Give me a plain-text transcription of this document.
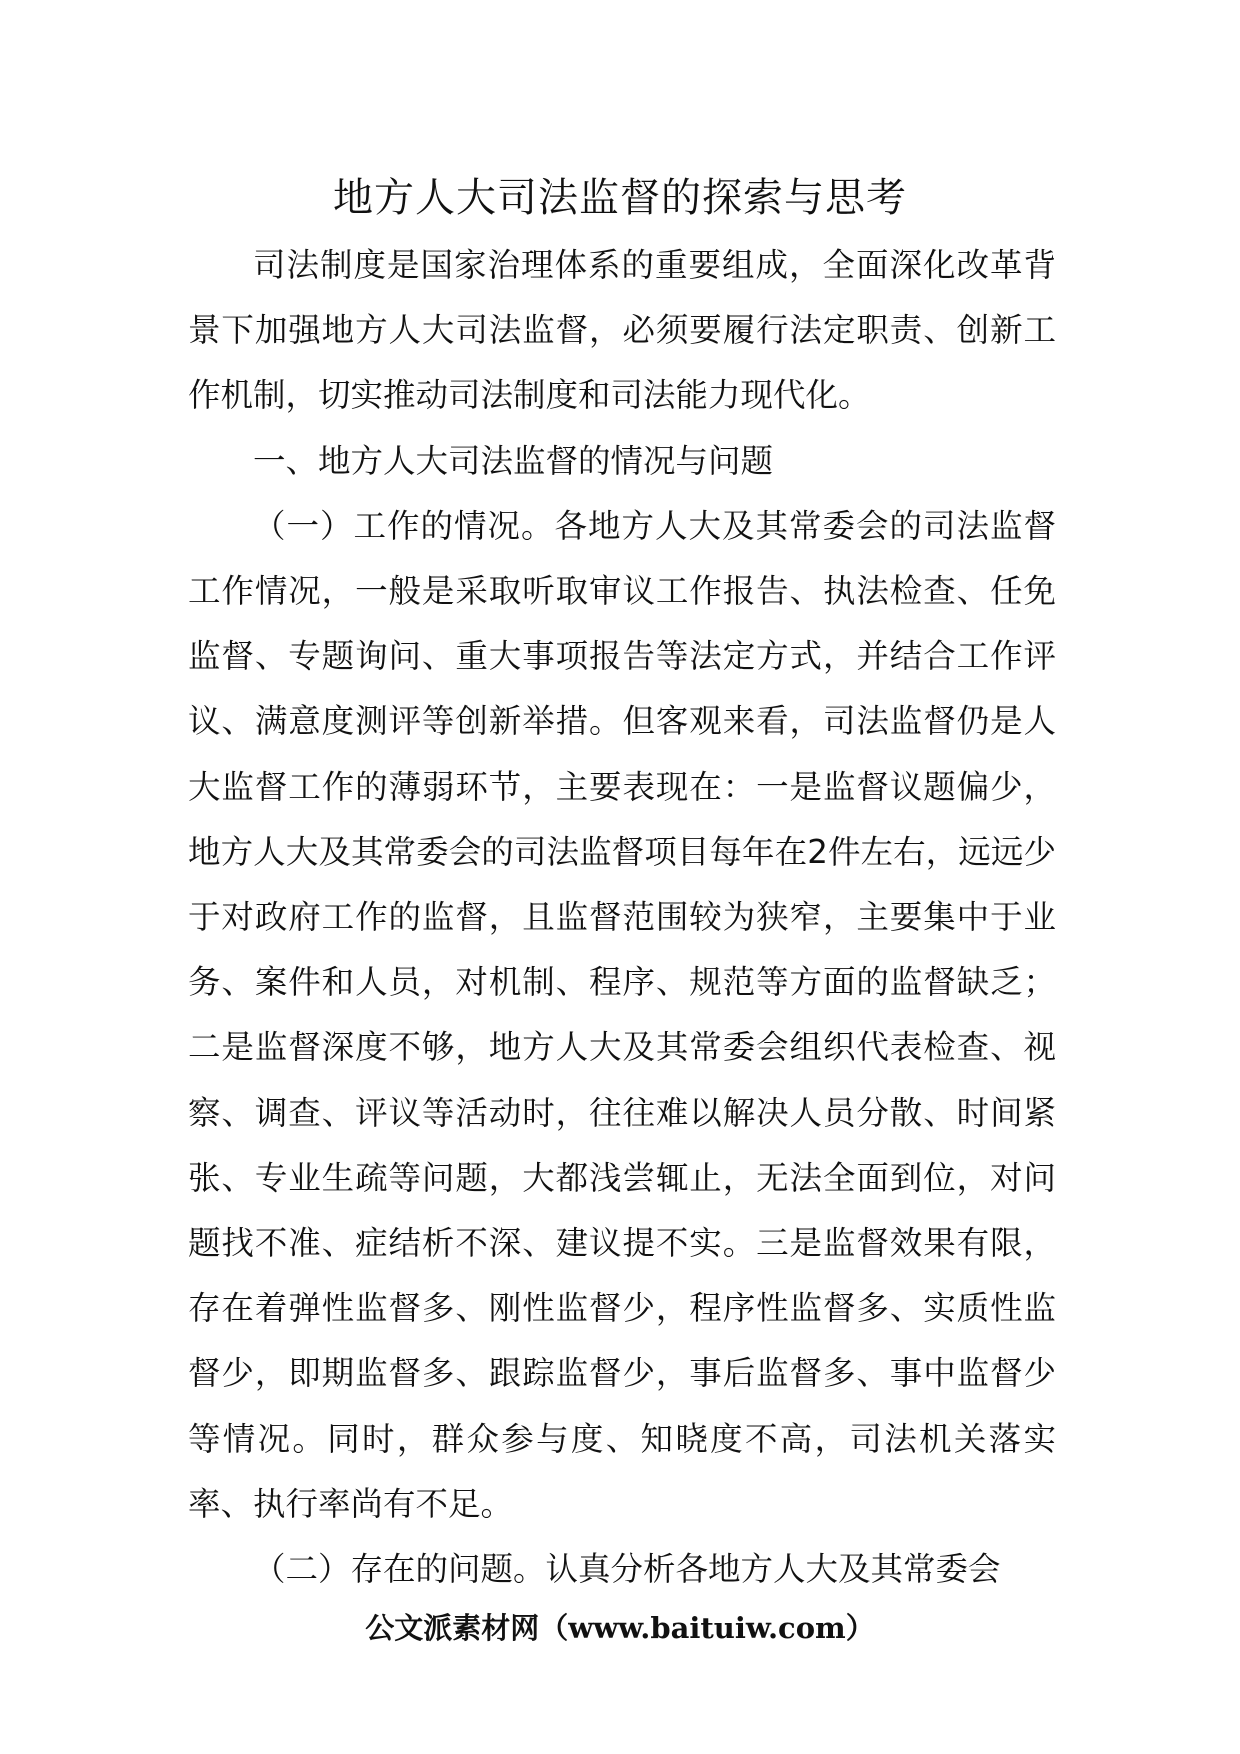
地方人大司法监督的探索与思考

司法制度是国家治理体系的重要组成，全面深化改革背景下加强地方人大司法监督，必须要履行法定职责、创新工作机制，切实推动司法制度和司法能力现代化。

一、地方人大司法监督的情况与问题

（一）工作的情况。各地方人大及其常委会的司法监督工作情况，一般是采取听取审议工作报告、执法检查、任免监督、专题询问、重大事项报告等法定方式，并结合工作评议、满意度测评等创新举措。但客观来看，司法监督仍是人大监督工作的薄弱环节，主要表现在：一是监督议题偏少，地方人大及其常委会的司法监督项目每年在2件左右，远远少于对政府工作的监督，且监督范围较为狭窄，主要集中于业务、案件和人员，对机制、程序、规范等方面的监督缺乏；二是监督深度不够，地方人大及其常委会组织代表检查、视察、调查、评议等活动时，往往难以解决人员分散、时间紧张、专业生疏等问题，大都浅尝辄止，无法全面到位，对问题找不准、症结析不深、建议提不实。三是监督效果有限，存在着弹性监督多、刚性监督少，程序性监督多、实质性监督少，即期监督多、跟踪监督少，事后监督多、事中监督少等情况。同时，群众参与度、知晓度不高，司法机关落实率、执行率尚有不足。

（二）存在的问题。认真分析各地方人大及其常委会

公文派素材网（www.baituiw.com）
